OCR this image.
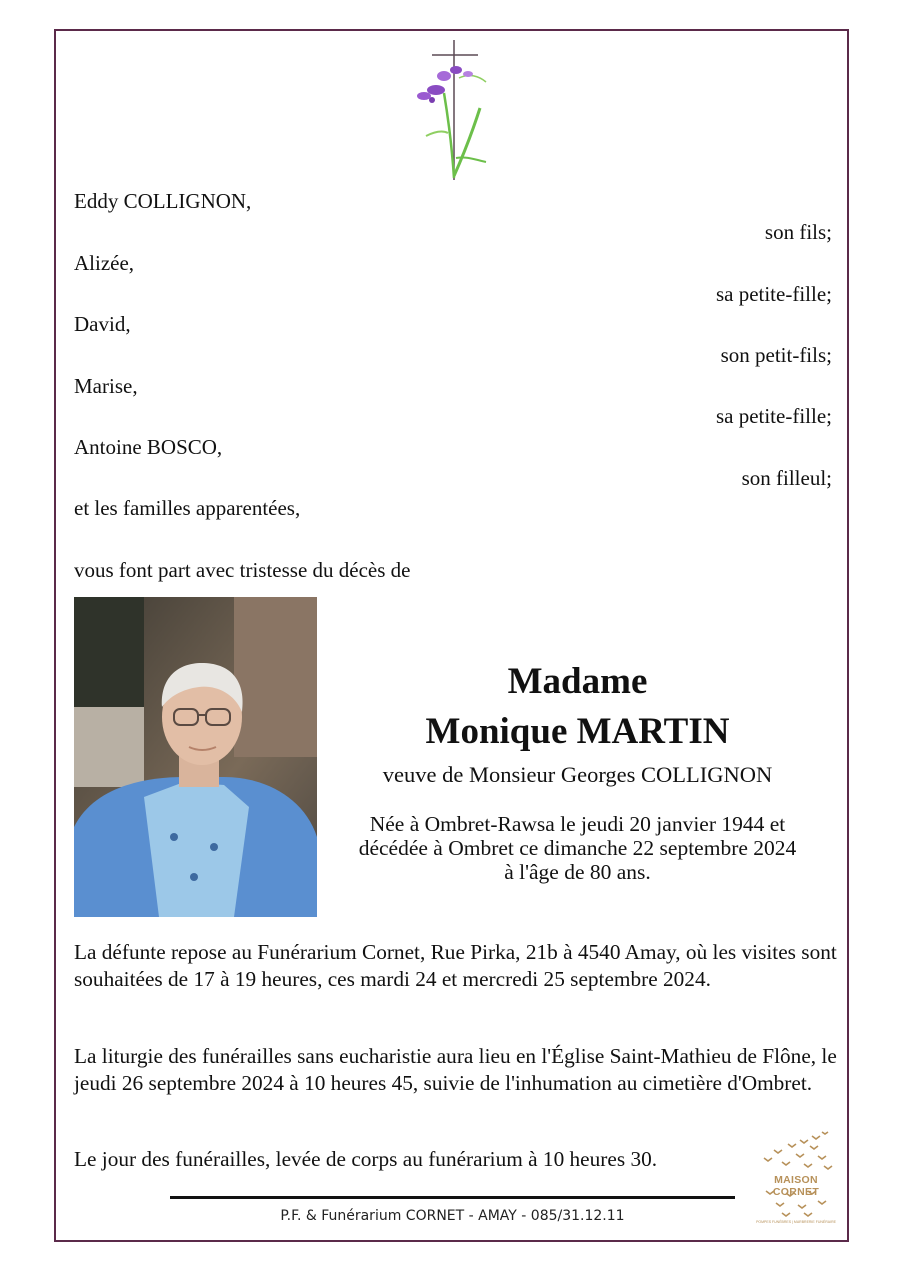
Eddy COLLIGNON,
son fils;
Alizée,
sa petite-fille;
David,
son petit-fils;
Marise,
sa petite-fille;
Antoine BOSCO,
son filleul;
et les familles apparentées,
vous font part avec tristesse du décès de
Madame
Monique MARTIN
veuve de Monsieur Georges COLLIGNON
Née à Ombret-Rawsa le jeudi 20 janvier 1944 et
décédée à Ombret ce dimanche 22 septembre 2024
à l'âge de 80 ans.
La défunte repose au Funérarium Cornet, Rue Pirka, 21b à 4540 Amay, où les visites sont souhaitées de 17 à 19 heures, ces mardi 24 et mercredi 25 septembre 2024.
La liturgie des funérailles sans eucharistie aura lieu en l'Église Saint-Mathieu de Flône, le jeudi 26 septembre 2024 à 10 heures 45, suivie de l'inhumation au cimetière d'Ombret.
Le jour des funérailles, levée de corps au funérarium à 10 heures 30.
MAISON CORNET
POMPES FUNÈBRES | MARBRERIE FUNÉRAIRE
P.F. & Funérarium CORNET - AMAY - 085/31.12.11
